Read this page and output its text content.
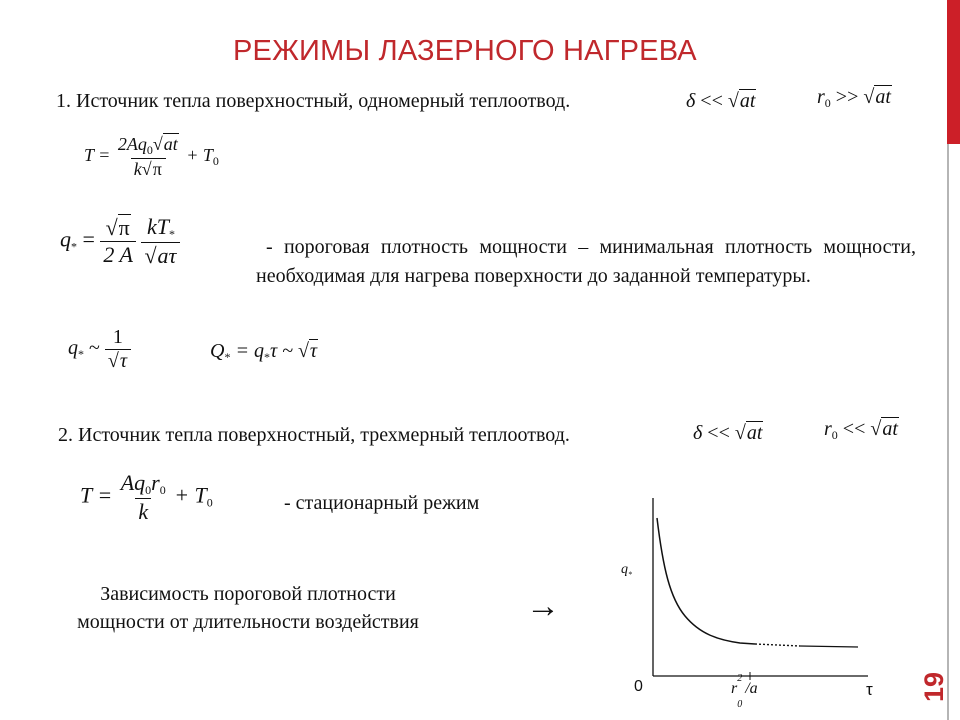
РЕЖИМЫ ЛАЗЕРНОГО НАГРЕВА
19
1. Источник тепла поверхностный, одномерный теплоотвод.	δ << √at	$r_0 >> √at$
$T = \frac{2Aq_0√at}{k√\pi} + T_0$
$q_* = \frac{√\pi}{2 A}$
$\frac{kT_*}{√a\tau}$	- пороговая плотность мощности – минимальная плотность мощности, необходимая для нагрева поверхности до заданной температуры.
$q_*$ ~ $\frac{1}{√\tau}$	$Q_* = q_*\tau$ ~ √τ
2. Источник тепла поверхностный, трехмерный теплоотвод.	δ << √at	$r_0 << √at$
$T = \frac{Aq_0r_0}{k} + T_0$	- стационарный режим
Зависимость пороговой плотности
мощности от длительности воздействия	→
$q_*$
0	r
2
0
/a	τ
